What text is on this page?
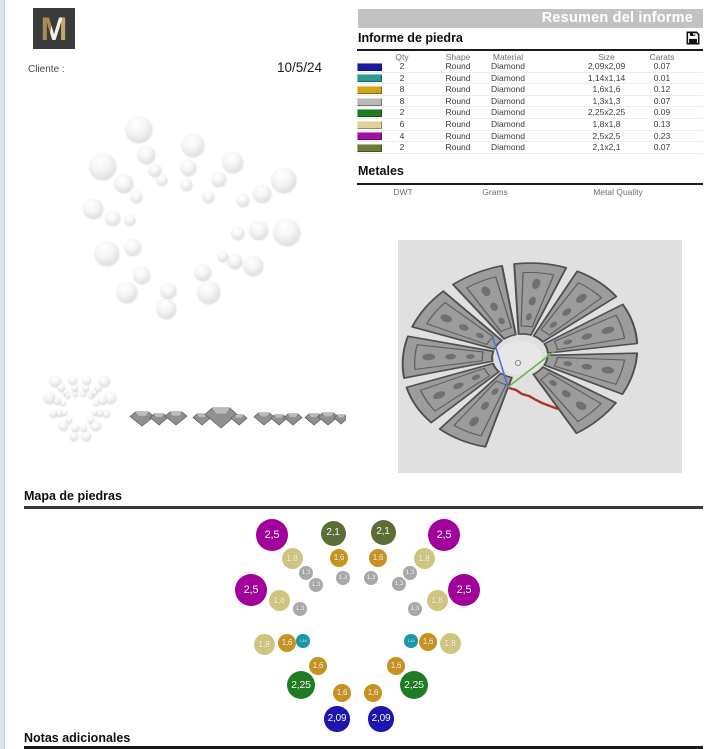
M
Cliente :	10/5/24
Resumen del informe
Informe de piedra
Qty	Shape	Material	Size	Carats
2	Round	Diamond	2,09x2,09	0.07
2	Round	Diamond	1,14x1,14	0.01
8	Round	Diamond	1,6x1,6	0.12
8	Round	Diamond	1,3x1,3	0.07
2	Round	Diamond	2,25x2,25	0.09
6	Round	Diamond	1,8x1,8	0.13
4	Round	Diamond	2,5x2,5	0.23
2	Round	Diamond	2,1x2,1	0.07
Metales
DWT	Grams	Metal Quality
Mapa de piedras
2,5	2,5
2,5	2,5
2,1	2,1
1,8	1,8
1,8	1,8
1,8	1,8
1,3
1,3
1,3	1,3
1,3
1,3
1,3	1,3
1,6	1,6
1,6	1,6
1,6	1,6
1,6	1,6
1,14	1,14
2,25	2,25
2,09	2,09
Notas adicionales
